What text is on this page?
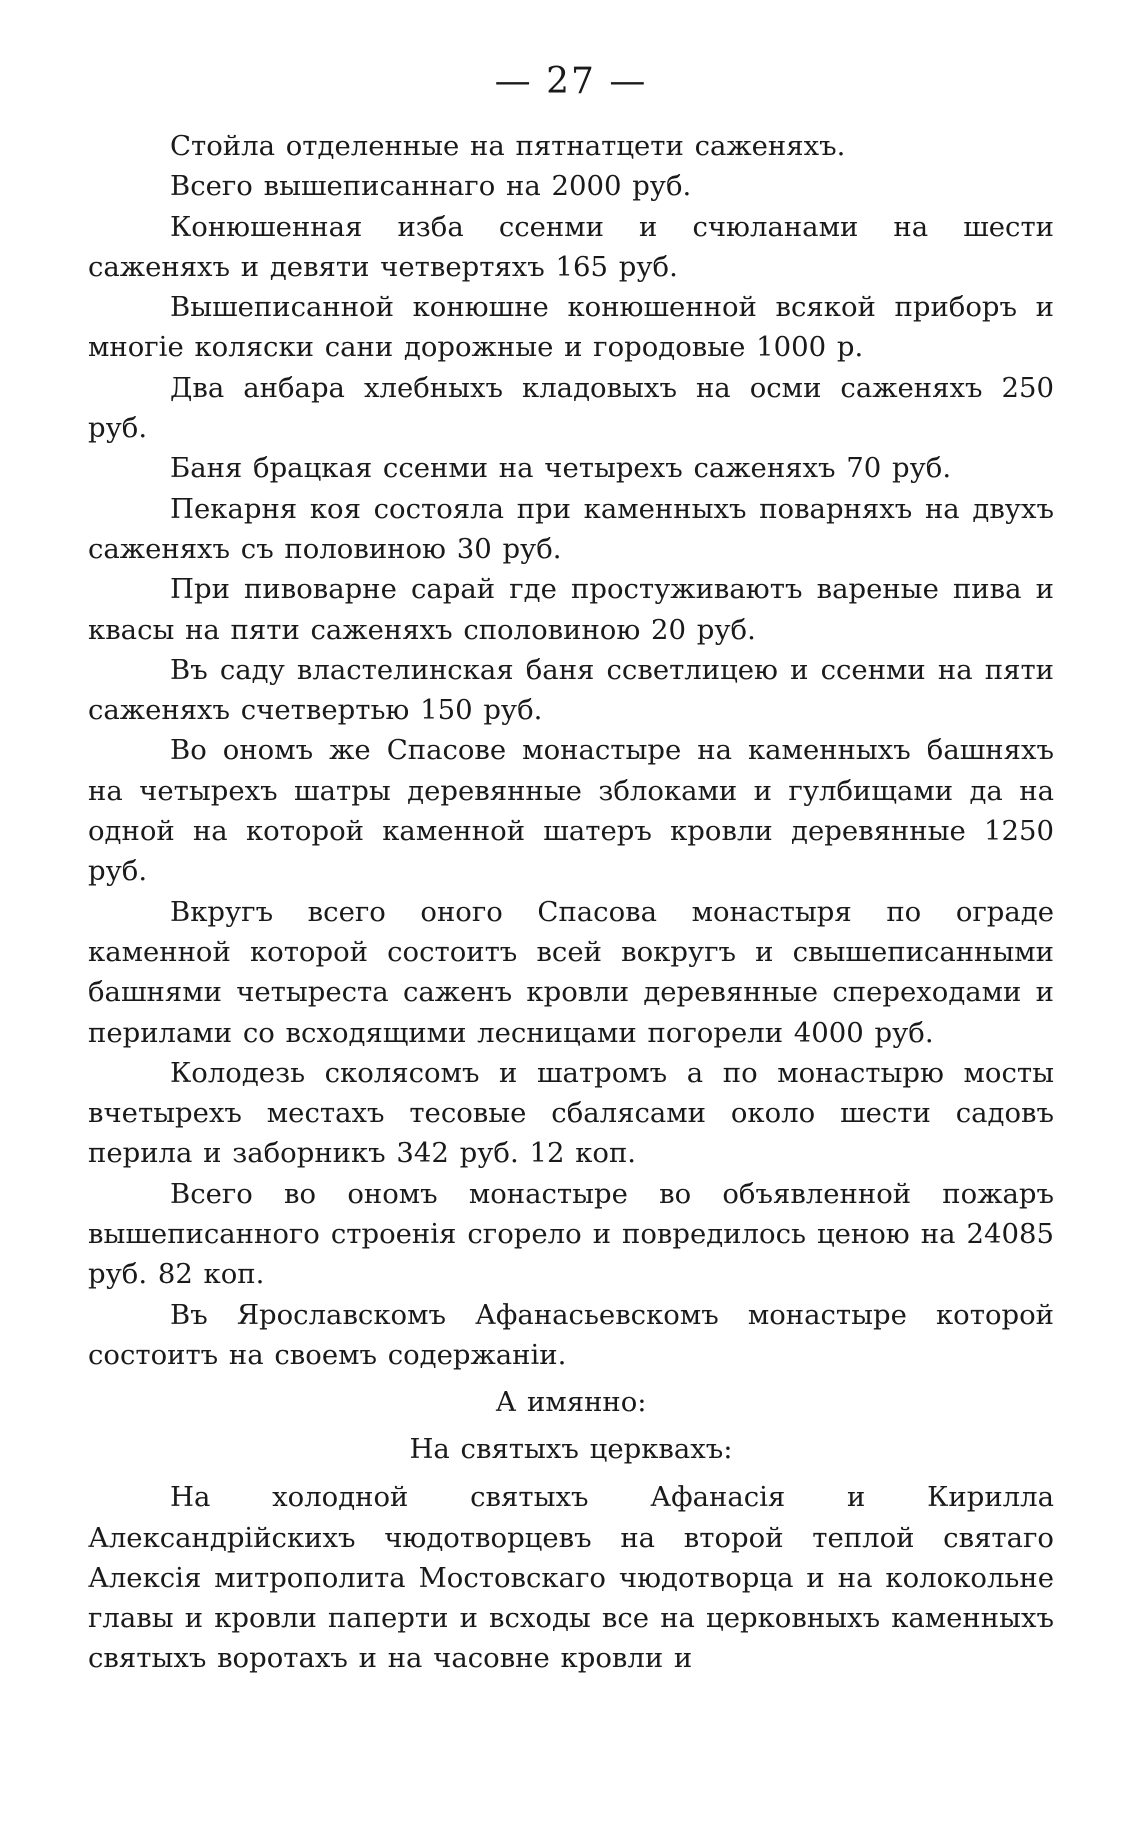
— 27 —

Стойла отделенные на пятнатцети саженяхъ.

Всего вышеписаннаго на 2000 руб.

Конюшенная изба ссенми и счюланами на шести саженяхъ и девяти четвертяхъ 165 руб.

Вышеписанной конюшне конюшенной всякой приборъ и многіе коляски сани дорожные и городовые 1000 р.

Два анбара хлебныхъ кладовыхъ на осми саженяхъ 250 руб.

Баня брацкая ссенми на четырехъ саженяхъ 70 руб.

Пекарня коя состояла при каменныхъ поварняхъ на двухъ саженяхъ съ половиною 30 руб.

При пивоварне сарай где простуживаютъ вареные пива и квасы на пяти саженяхъ споловиною 20 руб.

Въ саду властелинская баня ссветлицею и ссенми на пяти саженяхъ счетвертью 150 руб.

Во ономъ же Спасове монастыре на каменныхъ башняхъ на четырехъ шатры деревянные зблоками и гулбищами да на одной на которой каменной шатеръ кровли деревянные 1250 руб.

Вкругъ всего оного Спасова монастыря по ограде каменной которой состоитъ всей вокругъ и свышеписанными башнями четыреста саженъ кровли деревянные спереходами и перилами со всходящими лесницами погорели 4000 руб.

Колодезь сколясомъ и шатромъ а по монастырю мосты вчетырехъ местахъ тесовые сбалясами около шести садовъ перила и заборникъ 342 руб. 12 коп.

Всего во ономъ монастыре во объявленной пожаръ вышеписанного строенія сгорело и повредилось ценою на 24085 руб. 82 коп.

Въ Ярославскомъ Афанасьевскомъ монастыре которой состоитъ на своемъ содержаніи.

А имянно:

На святыхъ церквахъ:

На холодной святыхъ Афанасія и Кирилла Александрійскихъ чюдотворцевъ на второй теплой святаго Алексія митрополита Мостовскаго чюдотворца и на колокольне главы и кровли паперти и всходы все на церковныхъ каменныхъ святыхъ воротахъ и на часовне кровли и
